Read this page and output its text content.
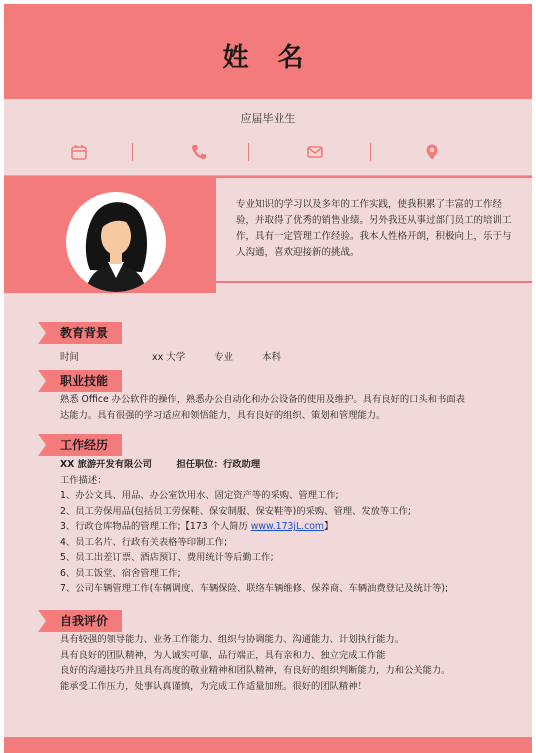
姓 名
应届毕业生
专业知识的学习以及多年的工作实践，使我积累了丰富的工作经验，并取得了优秀的销售业绩。另外我还从事过部门员工的培训工作，具有一定管理工作经验。我本人性格开朗，积极向上，乐于与人沟通，喜欢迎接新的挑战。
教育背景
时间	xx 大学	专业	本科
职业技能
熟悉 Office 办公软件的操作，熟悉办公自动化和办公设备的使用及维护。具有良好的口头和书面表
达能力。具有很强的学习适应和领悟能力，具有良好的组织、策划和管理能力。
工作经历
XX 旅游开发有限公司	担任职位：行政助理
工作描述：
1、办公文具、用品、办公室饮用水、固定资产等的采购、管理工作;
2、员工劳保用品(包括员工劳保鞋、保安制服、保安鞋等)的采购、管理、发放等工作;
3、行政仓库物品的管理工作;【173 个人简历 www.173jL.com】
4、员工名片、行政有关表格等印制工作;
5、员工出差订票、酒店预订、费用统计等后勤工作;
6、员工饭堂、宿舍管理工作;
7、公司车辆管理工作(车辆调度、车辆保险、联络车辆维修、保养商、车辆油费登记及统计等);
自我评价
具有较强的领导能力、业务工作能力、组织与协调能力、沟通能力、计划执行能力。
具有良好的团队精神，为人诚实可靠，品行端正，具有亲和力、独立完成工作能
良好的沟通技巧并且具有高度的敬业精神和团队精神，有良好的组织判断能力，力和公关能力。
能承受工作压力，处事认真谨慎，为完成工作适量加班。很好的团队精神！
